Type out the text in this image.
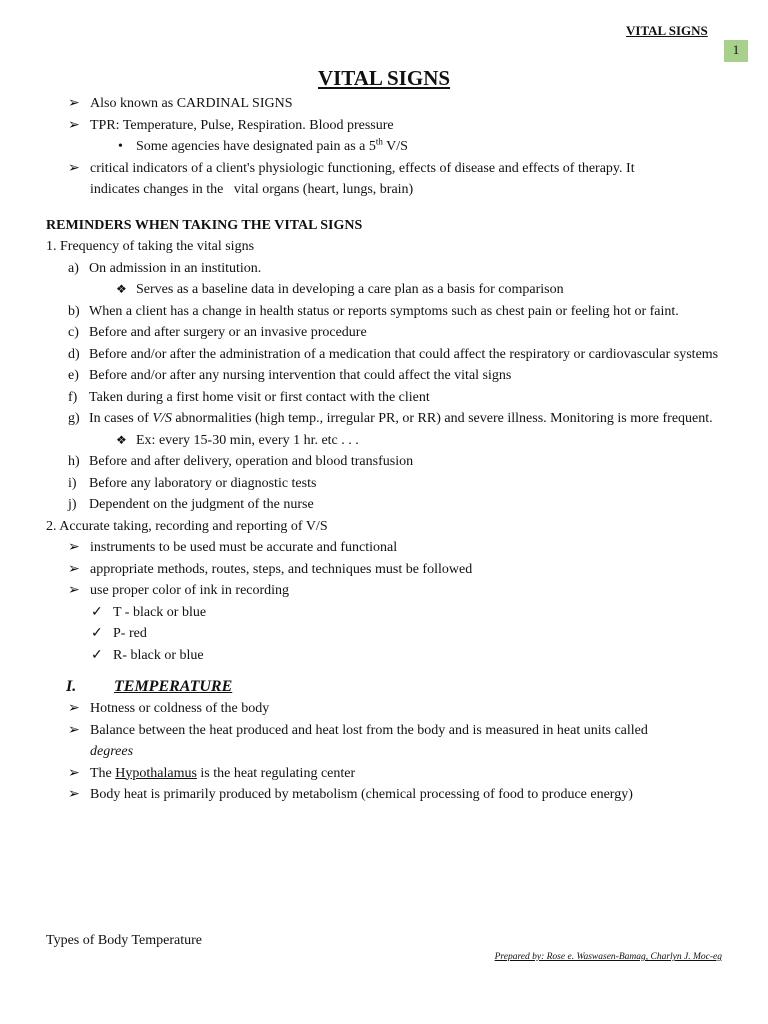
VITAL SIGNS
1
VITAL SIGNS
➢ Also known as CARDINAL SIGNS
➢ TPR: Temperature, Pulse, Respiration. Blood pressure
• Some agencies have designated pain as a 5th V/S
➢ critical indicators of a client's physiologic functioning, effects of disease and effects of therapy. It
indicates changes in the   vital organs (heart, lungs, brain)
REMINDERS WHEN TAKING THE VITAL SIGNS
1. Frequency of taking the vital signs
a) On admission in an institution.
❖ Serves as a baseline data in developing a care plan as a basis for comparison
b) When a client has a change in health status or reports symptoms such as chest pain or feeling hot or faint.
c) Before and after surgery or an invasive procedure
d) Before and/or after the administration of a medication that could affect the respiratory or cardiovascular systems
e) Before and/or after any nursing intervention that could affect the vital signs
f) Taken during a first home visit or first contact with the client
g) In cases of V/S abnormalities (high temp., irregular PR, or RR) and severe illness. Monitoring is more frequent.
❖ Ex: every 15-30 min, every 1 hr. etc . . .
h) Before and after delivery, operation and blood transfusion
i) Before any laboratory or diagnostic tests
j) Dependent on the judgment of the nurse
2. Accurate taking, recording and reporting of V/S
➢ instruments to be used must be accurate and functional
➢ appropriate methods, routes, steps, and techniques must be followed
➢ use proper color of ink in recording
✓ T - black or blue
✓ P- red
✓ R- black or blue
I. TEMPERATURE
➢ Hotness or coldness of the body
➢ Balance between the heat produced and heat lost from the body and is measured in heat units called
degrees
➢ The Hypothalamus is the heat regulating center
➢ Body heat is primarily produced by metabolism (chemical processing of food to produce energy)
Types of Body Temperature
Prepared by: Rose e. Waswasen-Bamag, Charlyn J. Moc-eg
